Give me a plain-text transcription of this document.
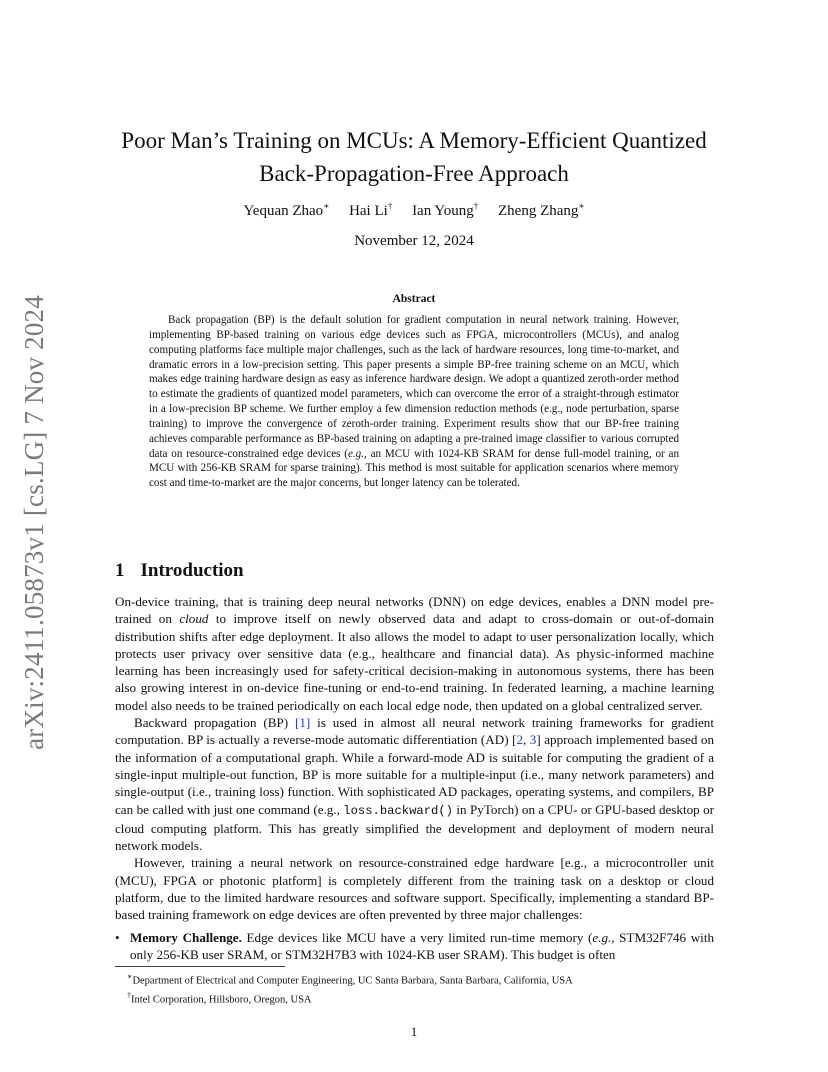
arXiv:2411.05873v1 [cs.LG] 7 Nov 2024
Poor Man’s Training on MCUs: A Memory-Efficient Quantized
Back-Propagation-Free Approach
Yequan Zhao∗ Hai Li† Ian Young† Zheng Zhang∗
November 12, 2024
Abstract

Back propagation (BP) is the default solution for gradient computation in neural network training. However, implementing BP-based training on various edge devices such as FPGA, microcontrollers (MCUs), and analog computing platforms face multiple major challenges, such as the lack of hardware resources, long time-to-market, and dramatic errors in a low-precision setting. This paper presents a simple BP-free training scheme on an MCU, which makes edge training hardware design as easy as inference hardware design. We adopt a quantized zeroth-order method to estimate the gradients of quantized model parameters, which can overcome the error of a straight-through estimator in a low-precision BP scheme. We further employ a few dimension reduction methods (e.g., node perturbation, sparse training) to improve the convergence of zeroth-order training. Experiment results show that our BP-free training achieves comparable performance as BP-based training on adapting a pre-trained image classifier to various corrupted data on resource-constrained edge devices (e.g., an MCU with 1024-KB SRAM for dense full-model training, or an MCU with 256-KB SRAM for sparse training). This method is most suitable for application scenarios where memory cost and time-to-market are the major concerns, but longer latency can be tolerated.

1 Introduction

On-device training, that is training deep neural networks (DNN) on edge devices, enables a DNN model pre-trained on cloud to improve itself on newly observed data and adapt to cross-domain or out-of-domain distribution shifts after edge deployment. It also allows the model to adapt to user personalization locally, which protects user privacy over sensitive data (e.g., healthcare and financial data). As physic-informed machine learning has been increasingly used for safety-critical decision-making in autonomous systems, there has been also growing interest in on-device fine-tuning or end-to-end training. In federated learning, a machine learning model also needs to be trained periodically on each local edge node, then updated on a global centralized server.

Backward propagation (BP) [1] is used in almost all neural network training frameworks for gradient computation. BP is actually a reverse-mode automatic differentiation (AD) [2, 3] approach implemented based on the information of a computational graph. While a forward-mode AD is suitable for computing the gradient of a single-input multiple-out function, BP is more suitable for a multiple-input (i.e., many network parameters) and single-output (i.e., training loss) function. With sophisticated AD packages, operating systems, and compilers, BP can be called with just one command (e.g., loss.backward() in PyTorch) on a CPU- or GPU-based desktop or cloud computing platform. This has greatly simplified the development and deployment of modern neural network models.

However, training a neural network on resource-constrained edge hardware [e.g., a microcontroller unit (MCU), FPGA or photonic platform] is completely different from the training task on a desktop or cloud platform, due to the limited hardware resources and software support. Specifically, implementing a standard BP-based training framework on edge devices are often prevented by three major challenges:

• Memory Challenge. Edge devices like MCU have a very limited run-time memory (e.g., STM32F746 with only 256-KB user SRAM, or STM32H7B3 with 1024-KB user SRAM). This budget is often
∗Department of Electrical and Computer Engineering, UC Santa Barbara, Santa Barbara, California, USA
†Intel Corporation, Hillsboro, Oregon, USA
1
